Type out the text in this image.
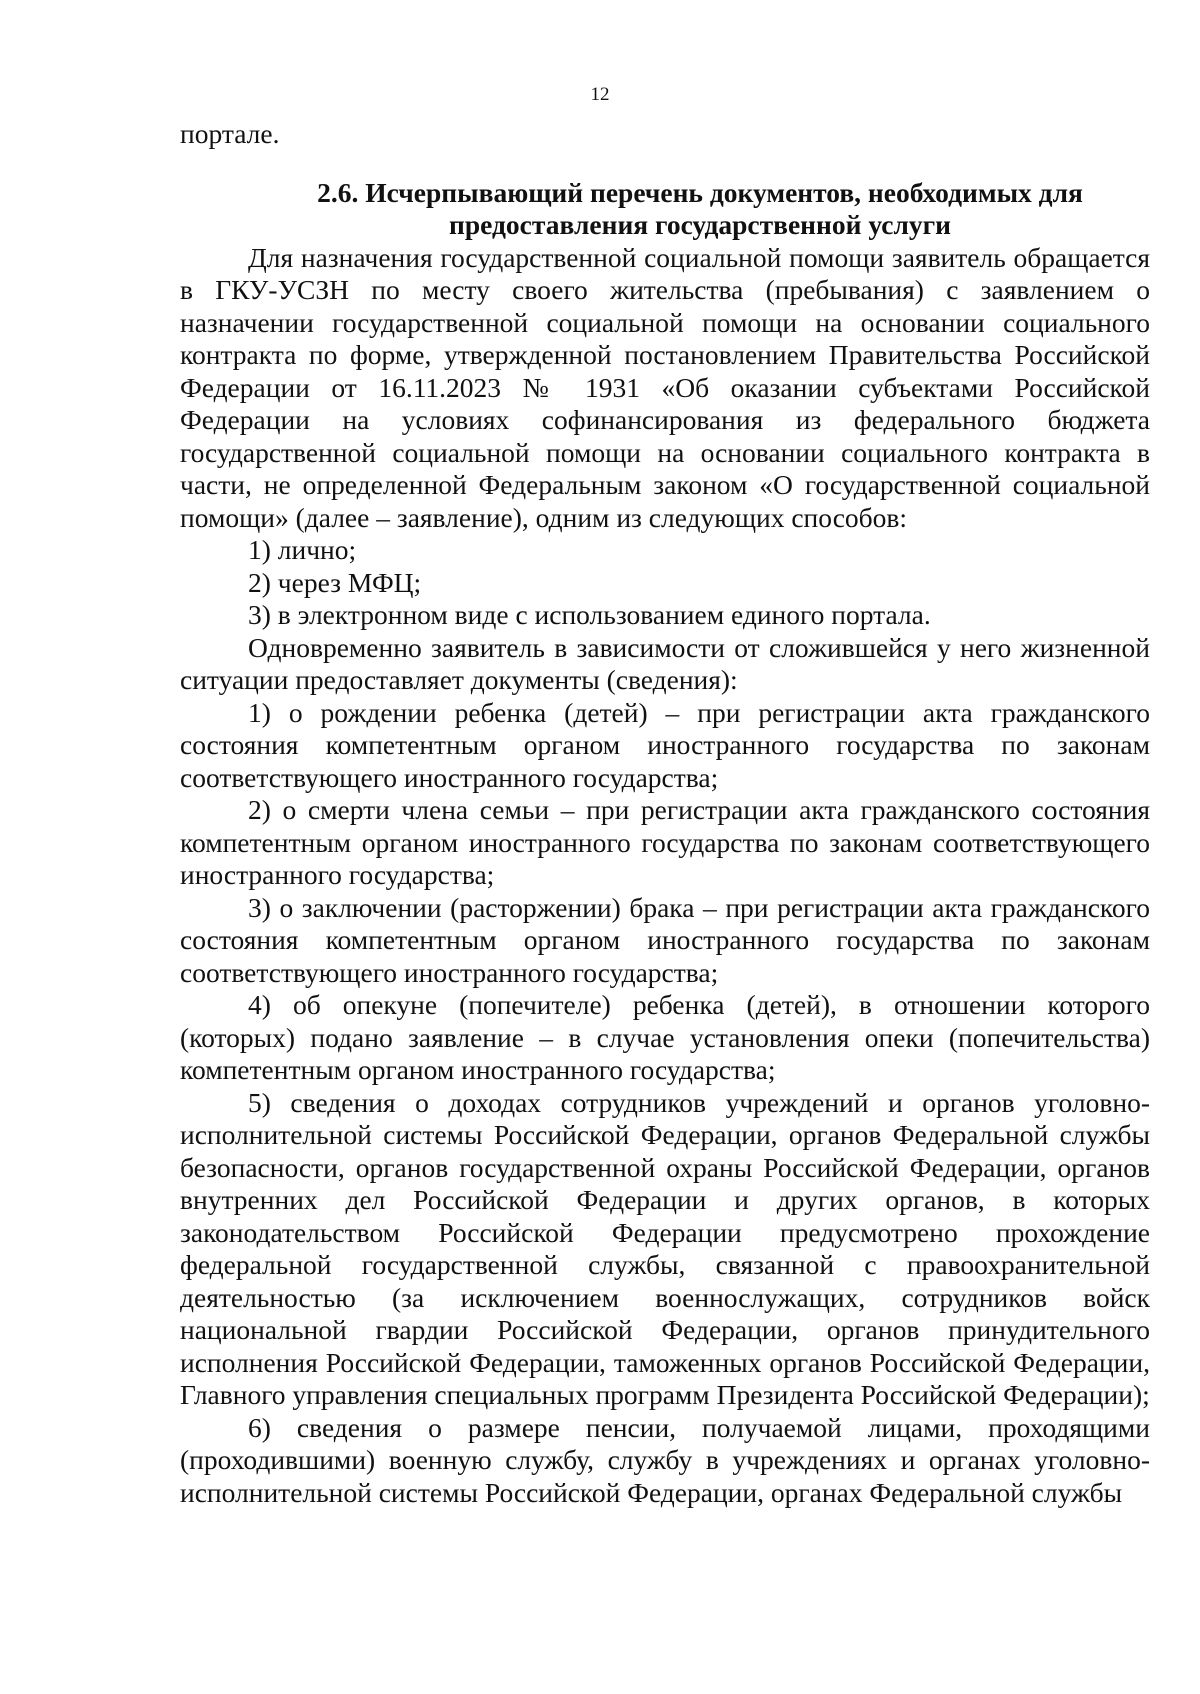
12

портале.

2.6. Исчерпывающий перечень документов, необходимых для предоставления государственной услуги

Для назначения государственной социальной помощи заявитель обращается в ГКУ-УСЗН по месту своего жительства (пребывания) с заявлением о назначении государственной социальной помощи на основании социального контракта по форме, утвержденной постановлением Правительства Российской Федерации от 16.11.2023 № 1931 «Об оказании субъектами Российской Федерации на условиях софинансирования из федерального бюджета государственной социальной помощи на основании социального контракта в части, не определенной Федеральным законом «О государственной социальной помощи» (далее – заявление), одним из следующих способов:

1) лично;

2) через МФЦ;

3) в электронном виде с использованием единого портала.

Одновременно заявитель в зависимости от сложившейся у него жизненной ситуации предоставляет документы (сведения):

1) о рождении ребенка (детей) – при регистрации акта гражданского состояния компетентным органом иностранного государства по законам соответствующего иностранного государства;

2) о смерти члена семьи – при регистрации акта гражданского состояния компетентным органом иностранного государства по законам соответствующего иностранного государства;

3) о заключении (расторжении) брака – при регистрации акта гражданского состояния компетентным органом иностранного государства по законам соответствующего иностранного государства;

4) об опекуне (попечителе) ребенка (детей), в отношении которого (которых) подано заявление – в случае установления опеки (попечительства) компетентным органом иностранного государства;

5) сведения о доходах сотрудников учреждений и органов уголовно-исполнительной системы Российской Федерации, органов Федеральной службы безопасности, органов государственной охраны Российской Федерации, органов внутренних дел Российской Федерации и других органов, в которых законодательством Российской Федерации предусмотрено прохождение федеральной государственной службы, связанной с правоохранительной деятельностью (за исключением военнослужащих, сотрудников войск национальной гвардии Российской Федерации, органов принудительного исполнения Российской Федерации, таможенных органов Российской Федерации, Главного управления специальных программ Президента Российской Федерации);

6) сведения о размере пенсии, получаемой лицами, проходящими (проходившими) военную службу, службу в учреждениях и органах уголовно-исполнительной системы Российской Федерации, органах Федеральной службы
